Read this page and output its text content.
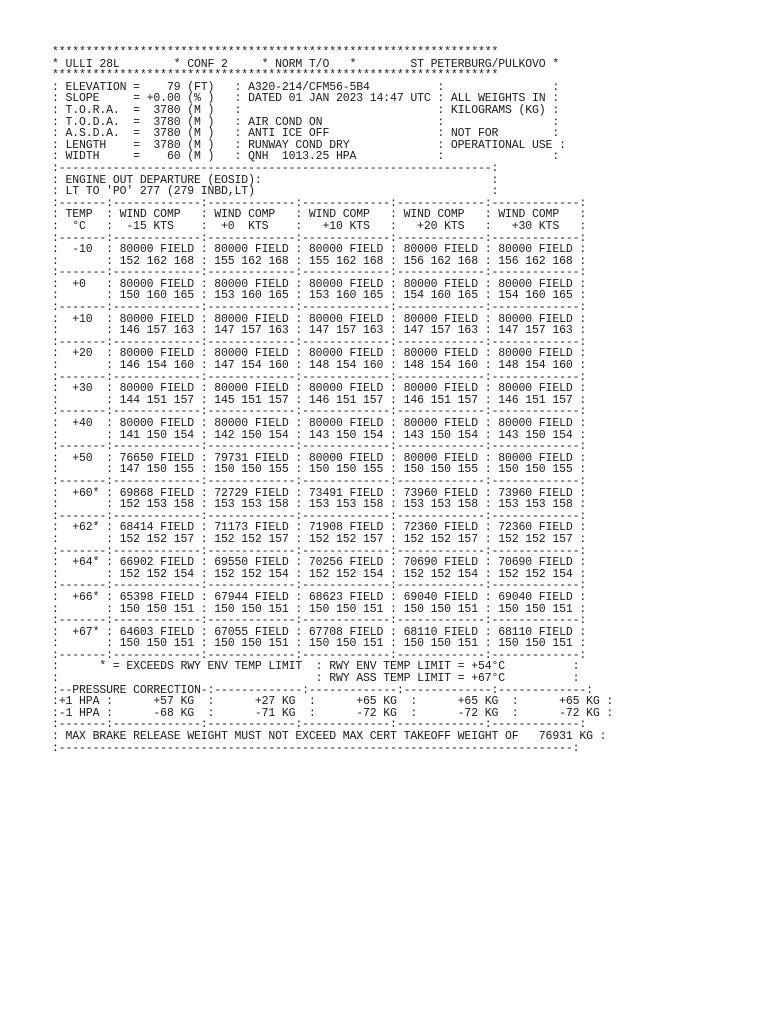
******************************************************************
* ULLI 28L        * CONF 2     * NORM T/O   *        ST PETERBURG/PULKOVO *
******************************************************************
: ELEVATION =    79 (FT)   : A320-214/CFM56-5B4          :                :
: SLOPE     = +0.00 (% )   : DATED 01 JAN 2023 14:47 UTC : ALL WEIGHTS IN :
: T.O.R.A.  =  3780 (M )   :                             : KILOGRAMS (KG) :
: T.O.D.A.  =  3780 (M )   : AIR COND ON                 :                :
: A.S.D.A.  =  3780 (M )   : ANTI ICE OFF                : NOT FOR        :
: LENGTH    =  3780 (M )   : RUNWAY COND DRY             : OPERATIONAL USE :
: WIDTH     =    60 (M )   : QNH  1013.25 HPA            :                :
:----------------------------------------------------------------:
: ENGINE OUT DEPARTURE (EOSID):                                  :
: LT TO 'PO' 277 (279 INBD,LT)                                   :
:-------:-------------:-------------:-------------:-------------:-------------:
: TEMP  : WIND COMP   : WIND COMP   : WIND COMP   : WIND COMP   : WIND COMP   :
:  °C   :  -15 KTS    :  +0  KTS    :   +10 KTS   :   +20 KTS   :   +30 KTS   :
:-------:-------------:-------------:-------------:-------------:-------------:
:  -10  : 80000 FIELD : 80000 FIELD : 80000 FIELD : 80000 FIELD : 80000 FIELD :
:       : 152 162 168 : 155 162 168 : 155 162 168 : 156 162 168 : 156 162 168 :
:-------:-------------:-------------:-------------:-------------:-------------:
:  +0   : 80000 FIELD : 80000 FIELD : 80000 FIELD : 80000 FIELD : 80000 FIELD :
:       : 150 160 165 : 153 160 165 : 153 160 165 : 154 160 165 : 154 160 165 :
:-------:-------------:-------------:-------------:-------------:-------------:
:  +10  : 80000 FIELD : 80000 FIELD : 80000 FIELD : 80000 FIELD : 80000 FIELD :
:       : 146 157 163 : 147 157 163 : 147 157 163 : 147 157 163 : 147 157 163 :
:-------:-------------:-------------:-------------:-------------:-------------:
:  +20  : 80000 FIELD : 80000 FIELD : 80000 FIELD : 80000 FIELD : 80000 FIELD :
:       : 146 154 160 : 147 154 160 : 148 154 160 : 148 154 160 : 148 154 160 :
:-------:-------------:-------------:-------------:-------------:-------------:
:  +30  : 80000 FIELD : 80000 FIELD : 80000 FIELD : 80000 FIELD : 80000 FIELD :
:       : 144 151 157 : 145 151 157 : 146 151 157 : 146 151 157 : 146 151 157 :
:-------:-------------:-------------:-------------:-------------:-------------:
:  +40  : 80000 FIELD : 80000 FIELD : 80000 FIELD : 80000 FIELD : 80000 FIELD :
:       : 141 150 154 : 142 150 154 : 143 150 154 : 143 150 154 : 143 150 154 :
:-------:-------------:-------------:-------------:-------------:-------------:
:  +50  : 76650 FIELD : 79731 FIELD : 80000 FIELD : 80000 FIELD : 80000 FIELD :
:       : 147 150 155 : 150 150 155 : 150 150 155 : 150 150 155 : 150 150 155 :
:-------:-------------:-------------:-------------:-------------:-------------:
:  +60* : 69868 FIELD : 72729 FIELD : 73491 FIELD : 73960 FIELD : 73960 FIELD :
:       : 152 153 158 : 153 153 158 : 153 153 158 : 153 153 158 : 153 153 158 :
:-------:-------------:-------------:-------------:-------------:-------------:
:  +62* : 68414 FIELD : 71173 FIELD : 71908 FIELD : 72360 FIELD : 72360 FIELD :
:       : 152 152 157 : 152 152 157 : 152 152 157 : 152 152 157 : 152 152 157 :
:-------:-------------:-------------:-------------:-------------:-------------:
:  +64* : 66902 FIELD : 69550 FIELD : 70256 FIELD : 70690 FIELD : 70690 FIELD :
:       : 152 152 154 : 152 152 154 : 152 152 154 : 152 152 154 : 152 152 154 :
:-------:-------------:-------------:-------------:-------------:-------------:
:  +66* : 65398 FIELD : 67944 FIELD : 68623 FIELD : 69040 FIELD : 69040 FIELD :
:       : 150 150 151 : 150 150 151 : 150 150 151 : 150 150 151 : 150 150 151 :
:-------:-------------:-------------:-------------:-------------:-------------:
:  +67* : 64603 FIELD : 67055 FIELD : 67708 FIELD : 68110 FIELD : 68110 FIELD :
:       : 150 150 151 : 150 150 151 : 150 150 151 : 150 150 151 : 150 150 151 :
:-------:-------------:-------------:-------------:-------------:-------------:
:      * = EXCEEDS RWY ENV TEMP LIMIT  : RWY ENV TEMP LIMIT = +54°C          :
:                                      : RWY ASS TEMP LIMIT = +67°C          :
:--PRESSURE CORRECTION-:-------------:-------------:-------------:-------------:
:+1 HPA :      +57 KG  :      +27 KG  :      +65 KG  :      +65 KG  :      +65 KG :
:-1 HPA :      -68 KG  :      -71 KG  :      -72 KG  :      -72 KG  :      -72 KG :
:-------:-------------:-------------:-------------:-------------:-------------:
: MAX BRAKE RELEASE WEIGHT MUST NOT EXCEED MAX CERT TAKEOFF WEIGHT OF   76931 KG :
:----------------------------------------------------------------------------:
